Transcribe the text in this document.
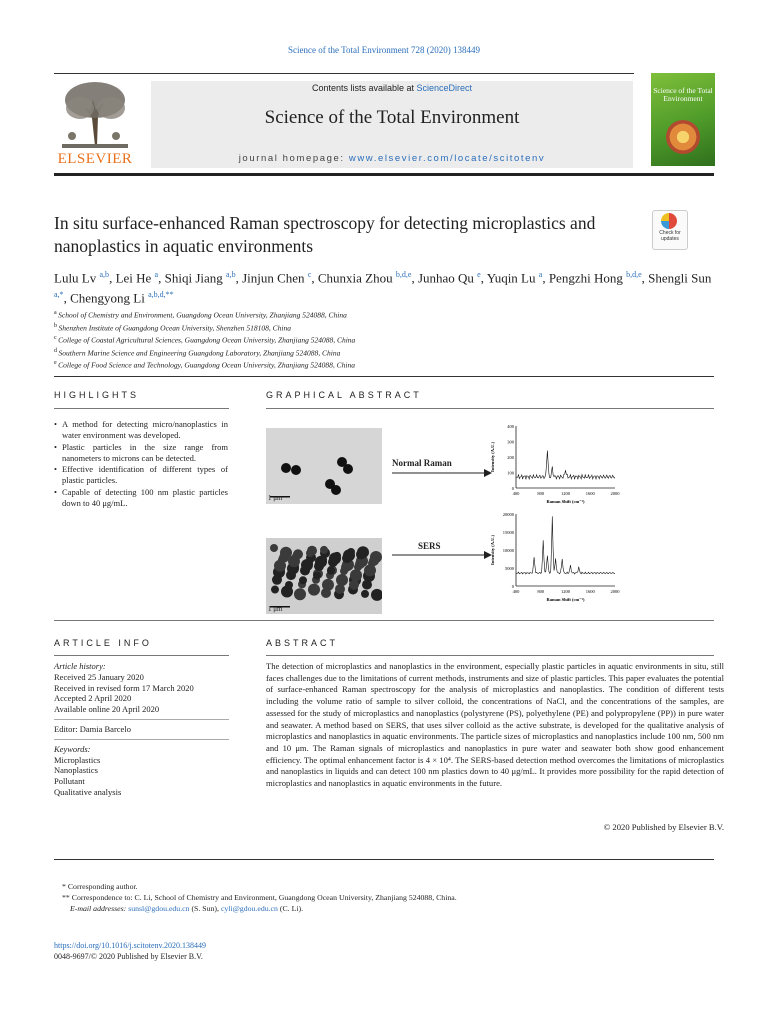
Science of the Total Environment 728 (2020) 138449
ELSEVIER
Contents lists available at ScienceDirect
Science of the Total Environment
journal homepage: www.elsevier.com/locate/scitotenv
Science of the Total Environment
In situ surface-enhanced Raman spectroscopy for detecting microplastics and nanoplastics in aquatic environments
Check for updates
Lulu Lv $^{a,b}$, Lei He $^a$, Shiqi Jiang $^{a,b}$, Jinjun Chen $^c$, Chunxia Zhou $^{b,d,e}$, Junhao Qu $^e$, Yuqin Lu $^a$, Pengzhi Hong $^{b,d,e}$, Shengli Sun $^{a,*}$, Chengyong Li $^{a,b,d,**}$
$^a$ School of Chemistry and Environment, Guangdong Ocean University, Zhanjiang 524088, China
$^b$ Shenzhen Institute of Guangdong Ocean University, Shenzhen 518108, China
$^c$ College of Coastal Agricultural Sciences, Guangdong Ocean University, Zhanjiang 524088, China
$^d$ Southern Marine Science and Engineering Guangdong Laboratory, Zhanjiang 524088, China
$^e$ College of Food Science and Technology, Guangdong Ocean University, Zhanjiang 524088, China
HIGHLIGHTS
• A method for detecting micro/nanoplastics in water environment was developed.
• Plastic particles in the size range from nanometers to microns can be detected.
• Effective identification of different types of plastic particles.
• Capable of detecting 100 nm plastic particles down to 40 μg/mL.
GRAPHICAL ABSTRACT
1 μm
1 μm
Normal Raman
SERS
0
100
200
300
400
400	800	1200	1600	2000
Raman Shift (cm⁻¹)
Intensity (A.U.)
0
5000
10000
15000
20000
400	800	1200	1600	2000
Raman Shift (cm⁻¹)
Intensity (A.U.)
ARTICLE INFO
Article history:
Received 25 January 2020
Received in revised form 17 March 2020
Accepted 2 April 2020
Available online 20 April 2020
Editor: Damia Barcelo
Keywords:
Microplastics
Nanoplastics
Pollutant
Qualitative analysis
ABSTRACT
The detection of microplastics and nanoplastics in the environment, especially plastic particles in aquatic environments in situ, still faces challenges due to the limitations of current methods, instruments and size of plastic particles. This paper evaluates the potential of surface-enhanced Raman spectroscopy for the analysis of microplastics and nanoplastics. The condition of different tests including the volume ratio of sample to silver colloid, the concentrations of NaCl, and the concentrations of the samples, are assessed for the study of microplastics and nanoplastics (polystyrene (PS), polyethylene (PE) and polypropylene (PP)) in pure water and seawater. A method based on SERS, that uses silver colloid as the active substrate, is developed for the qualitative analysis of microplastics and nanoplastics in aquatic environments. The particle sizes of microplastics and nanoplastics include 100 nm, 500 nm and 10 μm. The Raman signals of microplastics and nanoplastics in pure water and seawater both show good enhancement efficiency. The optimal enhancement factor is 4 × 10⁴. The SERS-based detection method overcomes the limitations of microplastics and nanoplastics in liquids and can detect 100 nm plastics down to 40 μg/mL. It provides more possibility for the rapid detection of microplastics and nanoplastics in aquatic environments in the future.
© 2020 Published by Elsevier B.V.
* Corresponding author.
** Correspondence to: C. Li, School of Chemistry and Environment, Guangdong Ocean University, Zhanjiang 524088, China.
E-mail addresses: sunsl@gdou.edu.cn (S. Sun), cyli@gdou.edu.cn (C. Li).
https://doi.org/10.1016/j.scitotenv.2020.138449
0048-9697/© 2020 Published by Elsevier B.V.
